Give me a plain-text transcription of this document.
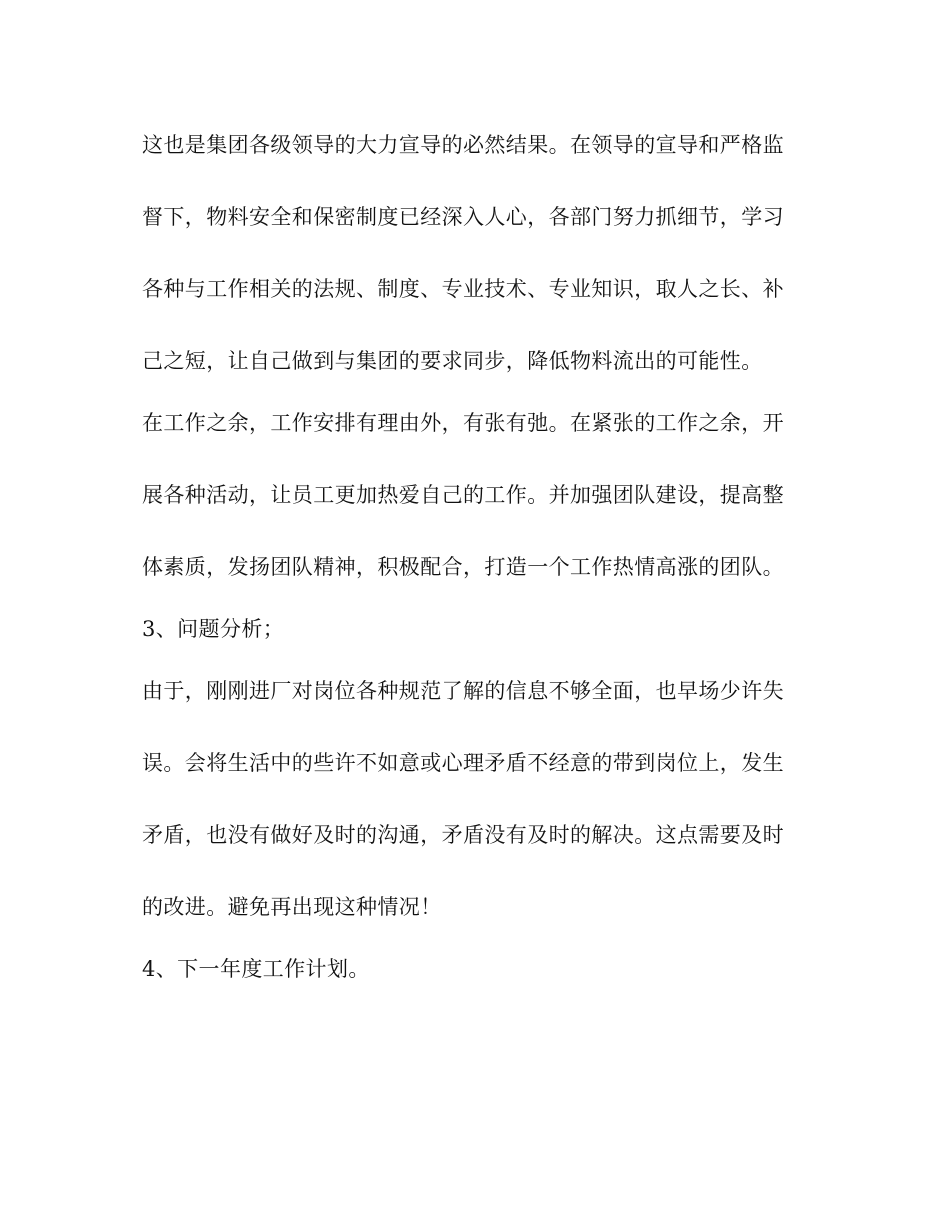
这也是集团各级领导的大力宣导的必然结果。在领导的宣导和严格监
督下，物料安全和保密制度已经深入人心，各部门努力抓细节，学习
各种与工作相关的法规、制度、专业技术、专业知识，取人之长、补
己之短，让自己做到与集团的要求同步，降低物料流出的可能性。
在工作之余，工作安排有理由外，有张有弛。在紧张的工作之余，开
展各种活动，让员工更加热爱自己的工作。并加强团队建设，提高整
体素质，发扬团队精神，积极配合，打造一个工作热情高涨的团队。
3、问题分析；
由于，刚刚进厂对岗位各种规范了解的信息不够全面，也早场少许失
误。会将生活中的些许不如意或心理矛盾不经意的带到岗位上，发生
矛盾，也没有做好及时的沟通，矛盾没有及时的解决。这点需要及时
的改进。避免再出现这种情况！
4、下一年度工作计划。
